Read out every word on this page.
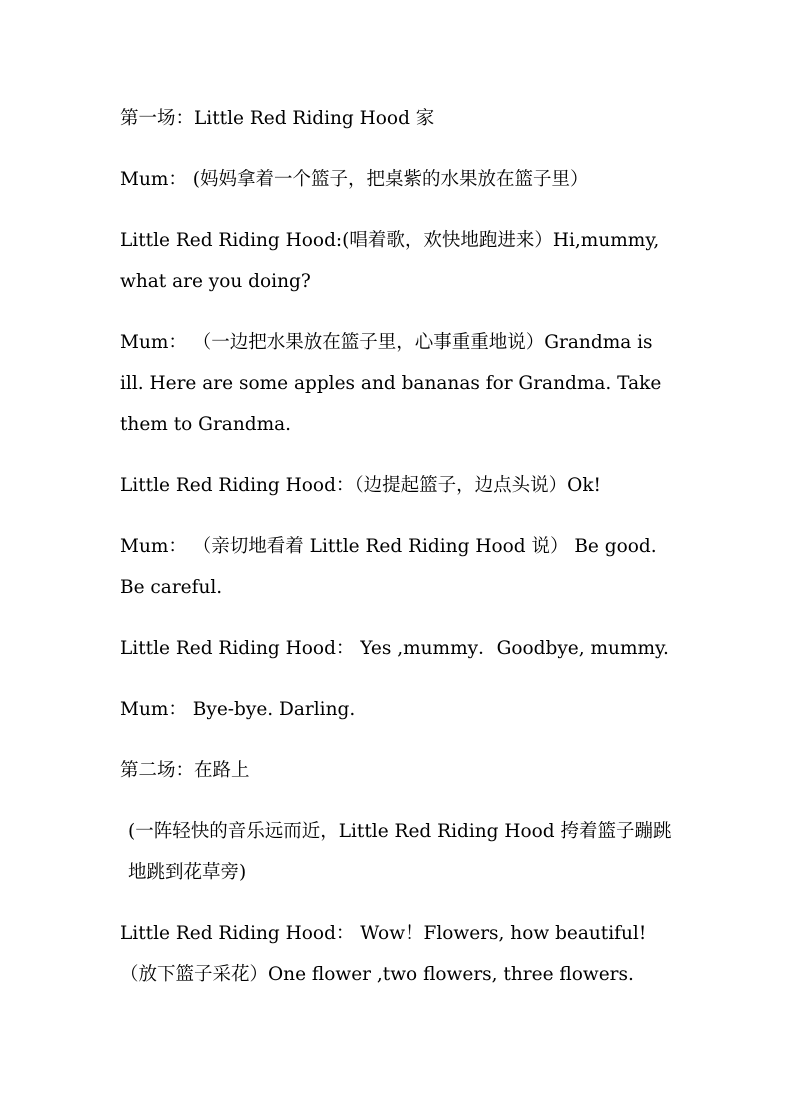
第一场：Little Red Riding Hood 家

Mum： (妈妈拿着一个篮子，把桌紫的水果放在篮子里）

Little Red Riding Hood:(唱着歌，欢快地跑进来）Hi,mummy, what are you doing?

Mum： （一边把水果放在篮子里，心事重重地说）Grandma is ill. Here are some apples and bananas for Grandma. Take them to Grandma.

Little Red Riding Hood：（边提起篮子，边点头说）Ok!

Mum： （亲切地看着 Little Red Riding Hood 说） Be good. Be careful.

Little Red Riding Hood： Yes ,mummy．Goodbye, mummy.

Mum： Bye-bye. Darling.

第二场：在路上

(一阵轻快的音乐远而近，Little Red Riding Hood 挎着篮子蹦跳地跳到花草旁)

Little Red Riding Hood： Wow！Flowers, how beautiful! （放下篮子采花）One flower ,two flowers, three flowers.
